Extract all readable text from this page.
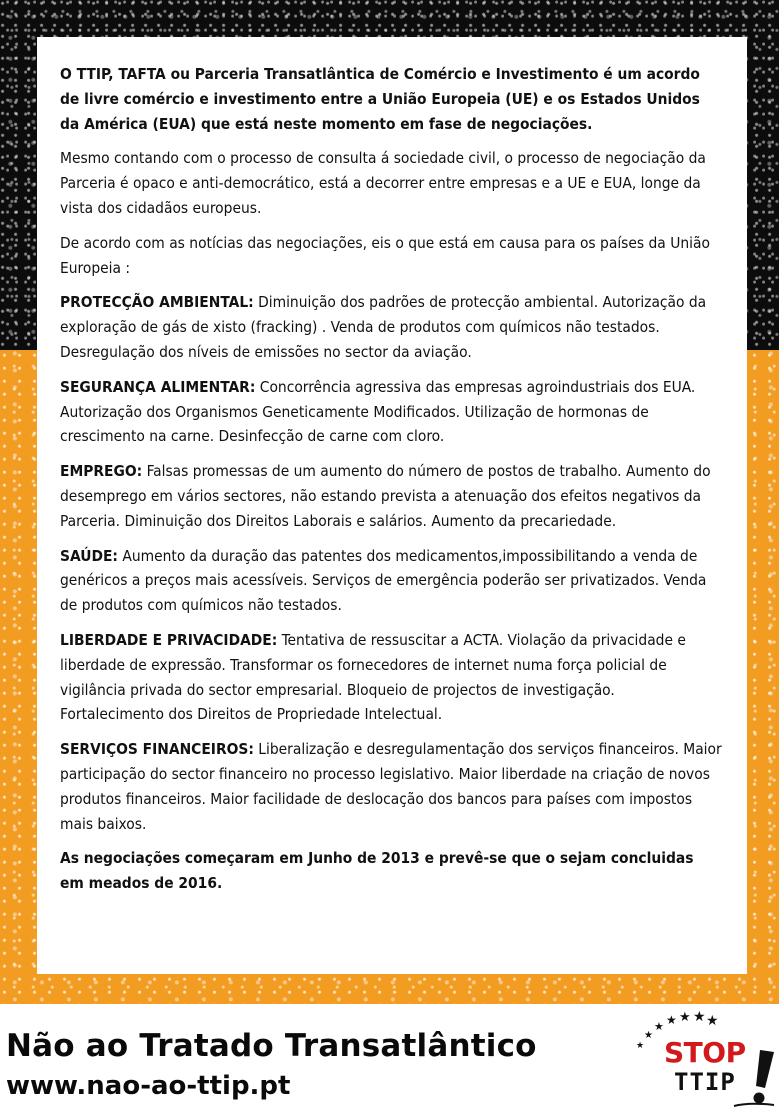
O TTIP, TAFTA ou Parceria Transatlântica de Comércio e Investimento é um acordo de livre comércio e investimento entre a União Europeia (UE) e os Estados Unidos da América (EUA) que está neste momento em fase de negociações.

Mesmo contando com o processo de consulta á sociedade civil, o processo de negociação da Parceria é opaco e anti-democrático, está a decorrer entre empresas e a UE e EUA, longe da vista dos cidadãos europeus.

De acordo com as notícias das negociações, eis o que está em causa para os países da União Europeia :

PROTECÇÃO AMBIENTAL: Diminuição dos padrões de protecção ambiental. Autorização da exploração de gás de xisto (fracking) . Venda de produtos com químicos não testados. Desregulação dos níveis de emissões no sector da aviação.

SEGURANÇA ALIMENTAR: Concorrência agressiva das empresas agroindustriais dos EUA. Autorização dos Organismos Geneticamente Modificados. Utilização de hormonas de crescimento na carne. Desinfecção de carne com cloro.

EMPREGO: Falsas promessas de um aumento do número de postos de trabalho. Aumento do desemprego em vários sectores, não estando prevista a atenuação dos efeitos negativos da Parceria. Diminuição dos Direitos Laborais e salários. Aumento da precariedade.

SAÚDE: Aumento da duração das patentes dos medicamentos,impossibilitando a venda de genéricos a preços mais acessíveis. Serviços de emergência poderão ser privatizados. Venda de produtos com químicos não testados.

LIBERDADE E PRIVACIDADE: Tentativa de ressuscitar a ACTA. Violação da privacidade e liberdade de expressão. Transformar os fornecedores de internet numa força policial de vigilância privada do sector empresarial. Bloqueio de projectos de investigação. Fortalecimento dos Direitos de Propriedade Intelectual.

SERVIÇOS FINANCEIROS: Liberalização e desregulamentação dos serviços financeiros. Maior participação do sector financeiro no processo legislativo. Maior liberdade na criação de novos produtos financeiros. Maior facilidade de deslocação dos bancos para países com impostos mais baixos.

As negociações começaram em Junho de 2013 e prevê-se que o sejam concluidas em meados de 2016.

Não ao Tratado Transatlântico
www.nao-ao-ttip.pt
★
★
★ ★ ★ ★ ★
STOP
TTIP
